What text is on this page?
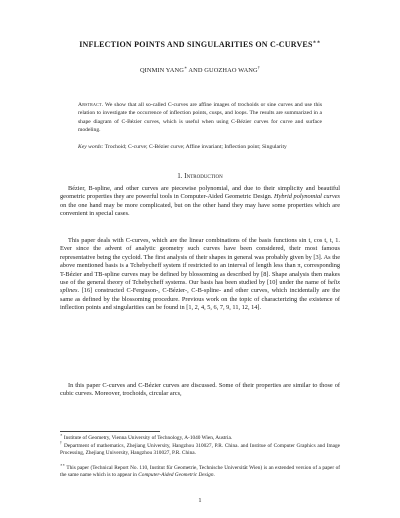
INFLECTION POINTS AND SINGULARITIES ON C-CURVES∗∗
QINMIN YANG∗ AND GUOZHAO WANG†
Abstract. We show that all so-called C-curves are affine images of trochoids or sine curves and use this relation to investigate the occurrence of inflection points, cusps, and loops. The results are summarized in a shape diagram of C-Bézier curves, which is useful when using C-Bézier curves for curve and surface modeling.
Key words: Trochoid; C-curve; C-Bézier curve; Affine invariant; Inflection point; Singularity
1. Introduction

Bézier, B-spline, and other curves are piecewise polynomial, and due to their simplicity and beautiful geometric properties they are powerful tools in Computer-Aided Geometric Design. Hybrid polynomial curves on the one hand may be more complicated, but on the other hand they may have some properties which are convenient in special cases.

This paper deals with C-curves, which are the linear combinations of the basis functions sin t, cos t, t, 1. Ever since the advent of analytic geometry such curves have been considered, their most famous representative being the cycloid. The first analysis of their shapes in general was probably given by [3]. As the above mentioned basis is a Tchebycheff system if restricted to an interval of length less than π, corresponding T-Bézier and TB-spline curves may be defined by blossoming as described by [8]. Shape analysis then makes use of the general theory of Tchebycheff systems. Our basis has been studied by [10] under the name of helix splines. [16] constructed C-Ferguson-, C-Bézier-, C-B-spline- and other curves, which incidentally are the same as defined by the blossoming procedure. Previous work on the topic of characterizing the existence of inflection points and singularities can be found in [1, 2, 4, 5, 6, 7, 9, 11, 12, 14].

In this paper C-curves and C-Bézier curves are discussed. Some of their properties are similar to those of cubic curves. Moreover, trochoids, circular arcs,

∗ Institute of Geometry, Vienna University of Technology, A-1040 Wien, Austria.
† Department of mathematics, Zhejiang University, Hangzhou 310027, P.R. China. and Institue of Computer Graphics and Image Processing, Zhejiang University, Hangzhou 310027, P.R. China.
∗∗ This paper (Technical Report No. 110, Institut für Geometrie, Technische Universität Wien) is an extended version of a paper of the same name which is to appear in Computer-Aided Geometric Design.
1
